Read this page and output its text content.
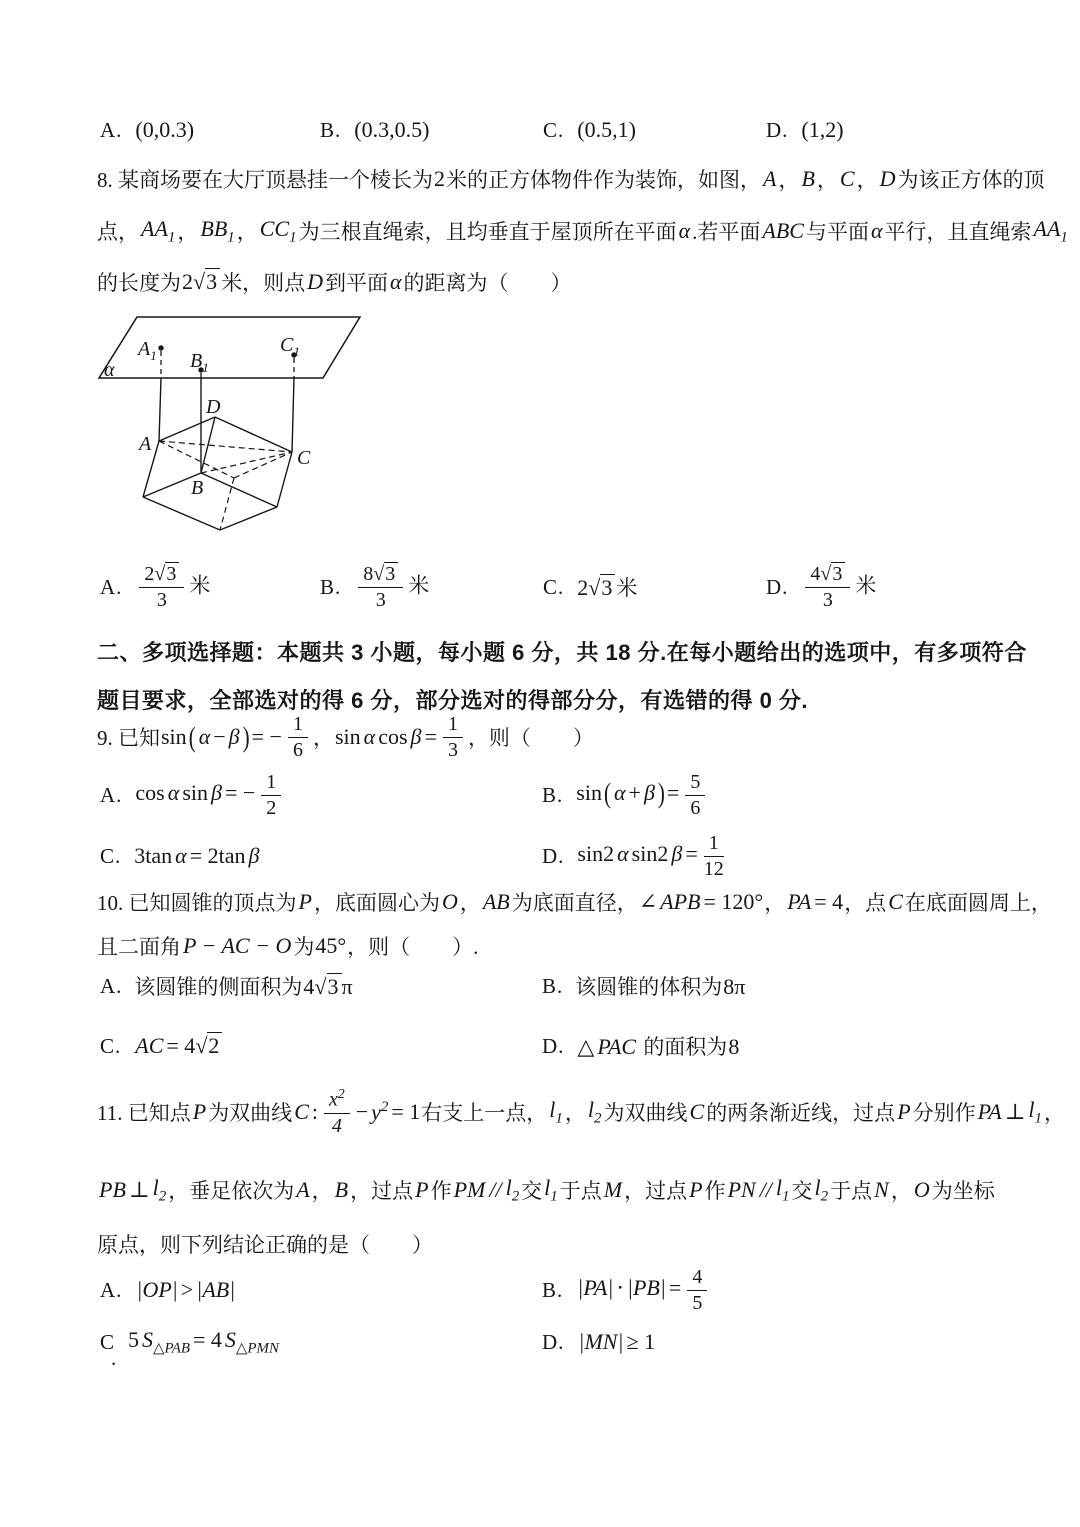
A. (0,0.3)	B. (0.3,0.5)	C. (0.5,1)	D. (1,2)
8. 某商场要在大厅顶悬挂一个棱长为 2 米的正方体物件作为装饰，如图， A ， B ， C ， D 为该正方体的顶
点， $AA_1$ ， $BB_1$ ， $CC_1$ 为三根直绳索，且均垂直于屋顶所在平面 α .若平面 ABC 与平面 α 平行，且直绳索 $AA_1$
的长度为 2√3 米，则点 D 到平面 α 的距离为（　　）
α
$A_1$ $B_1$
$C_1$
D
A
B
C
A. $\frac{2√3}{3}$ 米	B. $\frac{8√3}{3}$ 米	C. 2√3 米	D. $\frac{4√3}{3}$ 米
二、多项选择题：本题共 3 小题，每小题 6 分，共 18 分.在每小题给出的选项中，有多项符合
题目要求，全部选对的得 6 分，部分选对的得部分分，有选错的得 0 分.
9. 已知 sin ( α − β ) = − $\frac{1}{6}$ ， sin α $\cos \beta = \frac{1}{3}$ ，则（　　）
A. cos α sin β = − $\frac{1}{2}$	B. sin( α + β )= $\frac{5}{6}$
C. 3tan α = 2tan β	D. sin2 α sin2 $\beta = \frac{1}{12}$
10. 已知圆锥的顶点为 P ，底面圆心为 O ， AB 为底面直径， ∠ APB = 120° ， PA = 4 ，点 C 在底面圆周上，
且二面角 P − AC − O 为 45° ，则（　　）.
A. 该圆锥的侧面积为4√3 π	B. 该圆锥的体积为8π
C. AC = 4√2	D. △ PAC 的面积为8
11. 已知点 P 为双曲线 C : $\frac{x^2}{4} - y^2 = 1$ 右支上一点， $l_1$ ， $l_2$ 为双曲线 C 的两条渐近线，过点 P 分别作 PA ⊥ $l_1$ ，
PB ⊥ $l_2$ ，垂足依次为 A ， B ，过点 P 作 PM // $l_2$ 交 $l_1$ 于点 M ，过点 P 作 PN // $l_1$ 交 $l_2$ 于点 N ， O 为坐标
原点，则下列结论正确的是（　　）
A. |OP| > |AB|	B. $|PA| \cdot |PB| = \frac{4}{5}$
C 5 $S_{\triangle PAB} = 4$ $S_{\triangle PMN}$	D. |MN| ≥ 1
.
